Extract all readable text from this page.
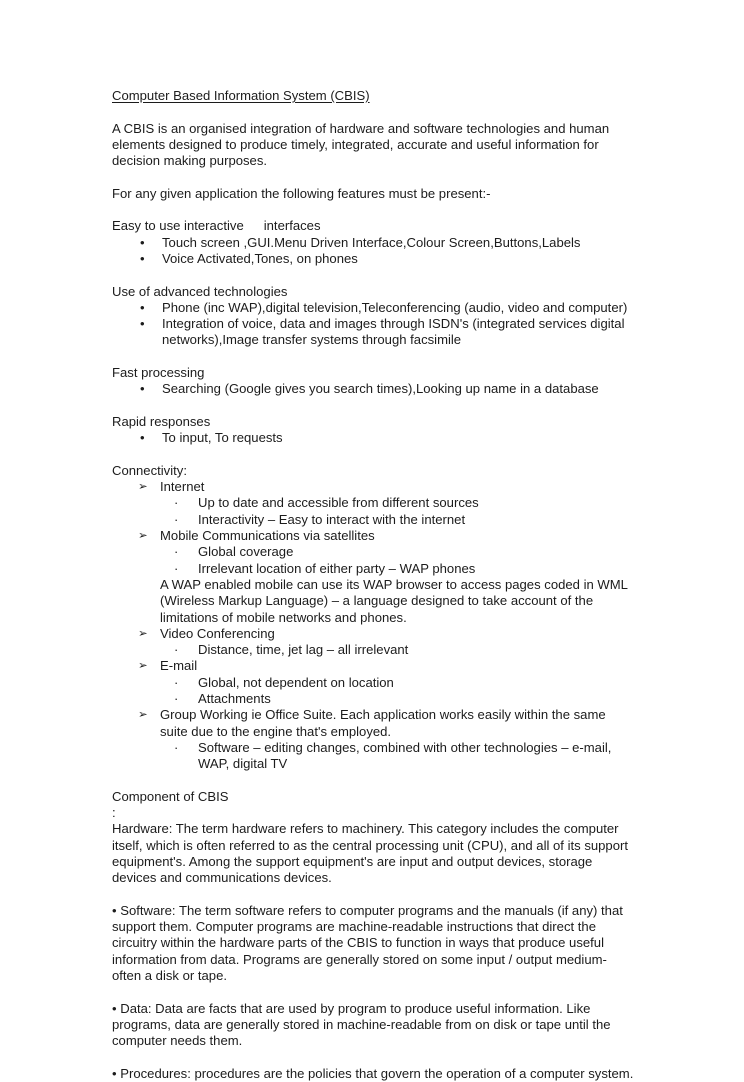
Computer Based Information System (CBIS)

A CBIS is an organised integration of hardware and software technologies and human elements designed to produce timely, integrated, accurate and useful information for decision making purposes.

For any given application the following features must be present:-

Easy to use interactive interfaces

•	Touch screen ,GUI.Menu Driven Interface,Colour Screen,Buttons,Labels
•	Voice Activated,Tones, on phones

Use of advanced technologies

•	Phone (inc WAP),digital television,Teleconferencing (audio, video and computer)
•	Integration of voice, data and images through ISDN's (integrated services digital networks),Image transfer systems through facsimile

Fast processing

•	Searching (Google gives you search times),Looking up name in a database

Rapid responses

•	To input, To requests

Connectivity:

➢ Internet
·	Up to date and accessible from different sources
·	Interactivity – Easy to interact with the internet
➢ Mobile Communications via satellites
·	Global coverage
·	Irrelevant location of either party – WAP phones

A WAP enabled mobile can use its WAP browser to access pages coded in WML (Wireless Markup Language) – a language designed to take account of the limitations of mobile networks and phones.

➢ Video Conferencing
·	Distance, time, jet lag – all irrelevant
➢ E-mail
·	Global, not dependent on location
·	Attachments
➢ Group Working ie Office Suite. Each application works easily within the same suite due to the engine that's employed.
·	Software – editing changes, combined with other technologies – e-mail, WAP, digital TV

Component of CBIS

:

Hardware: The term hardware refers to machinery. This category includes the computer itself, which is often referred to as the central processing unit (CPU), and all of its support equipment's. Among the support equipment's are input and output devices, storage devices and communications devices.

• Software: The term software refers to computer programs and the manuals (if any) that support them. Computer programs are machine-readable instructions that direct the circuitry within the hardware parts of the CBIS to function in ways that produce useful information from data. Programs are generally stored on some input / output medium-often a disk or tape.

• Data: Data are facts that are used by program to produce useful information. Like programs, data are generally stored in machine-readable from on disk or tape until the computer needs them.

• Procedures: procedures are the policies that govern the operation of a computer system.
